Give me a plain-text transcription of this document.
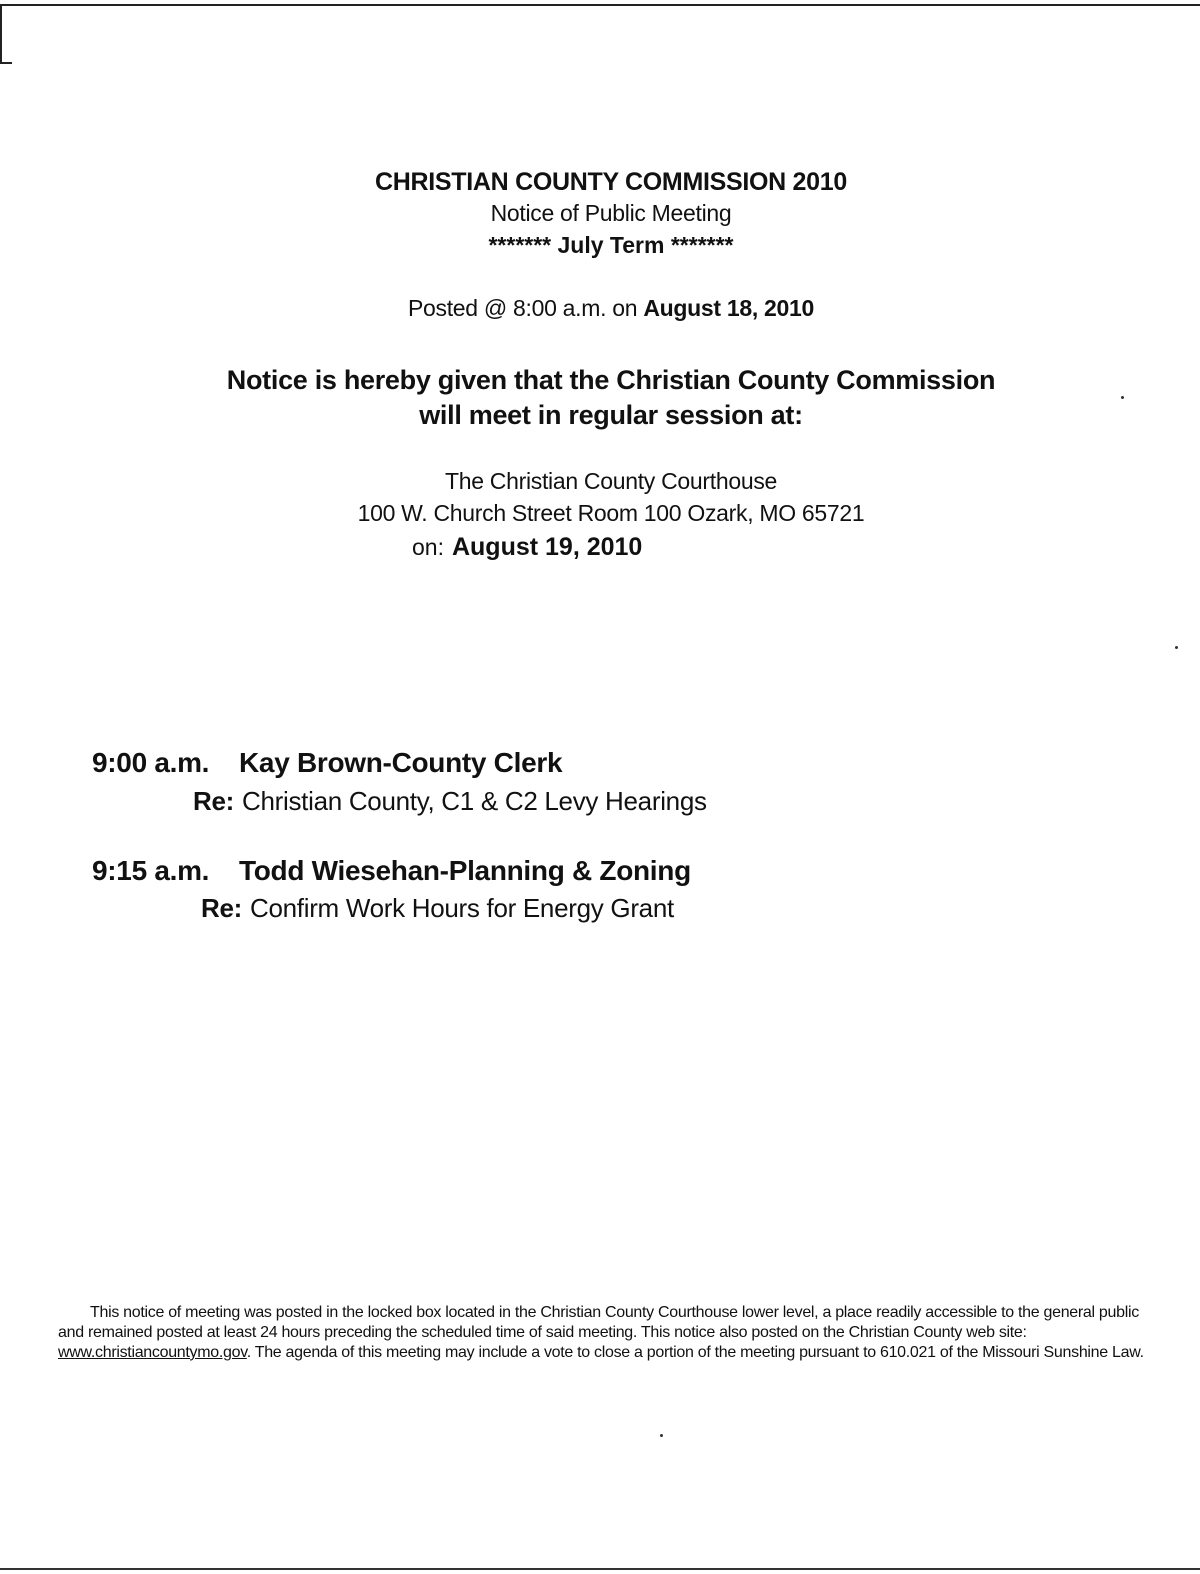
CHRISTIAN COUNTY COMMISSION 2010
Notice of Public Meeting
******* July Term *******
Posted @ 8:00 a.m. on August 18, 2010
Notice is hereby given that the Christian County Commission
will meet in regular session at:
The Christian County Courthouse
100 W. Church Street Room 100 Ozark, MO 65721
on: August 19, 2010
9:00 a.m. Kay Brown-County Clerk
Re: Christian County, C1 & C2 Levy Hearings
9:15 a.m. Todd Wiesehan-Planning & Zoning
Re: Confirm Work Hours for Energy Grant
This notice of meeting was posted in the locked box located in the Christian County Courthouse lower level, a place readily accessible to the general public and remained posted at least 24 hours preceding the scheduled time of said meeting. This notice also posted on the Christian County web site: www.christiancountymo.gov. The agenda of this meeting may include a vote to close a portion of the meeting pursuant to 610.021 of the Missouri Sunshine Law.
